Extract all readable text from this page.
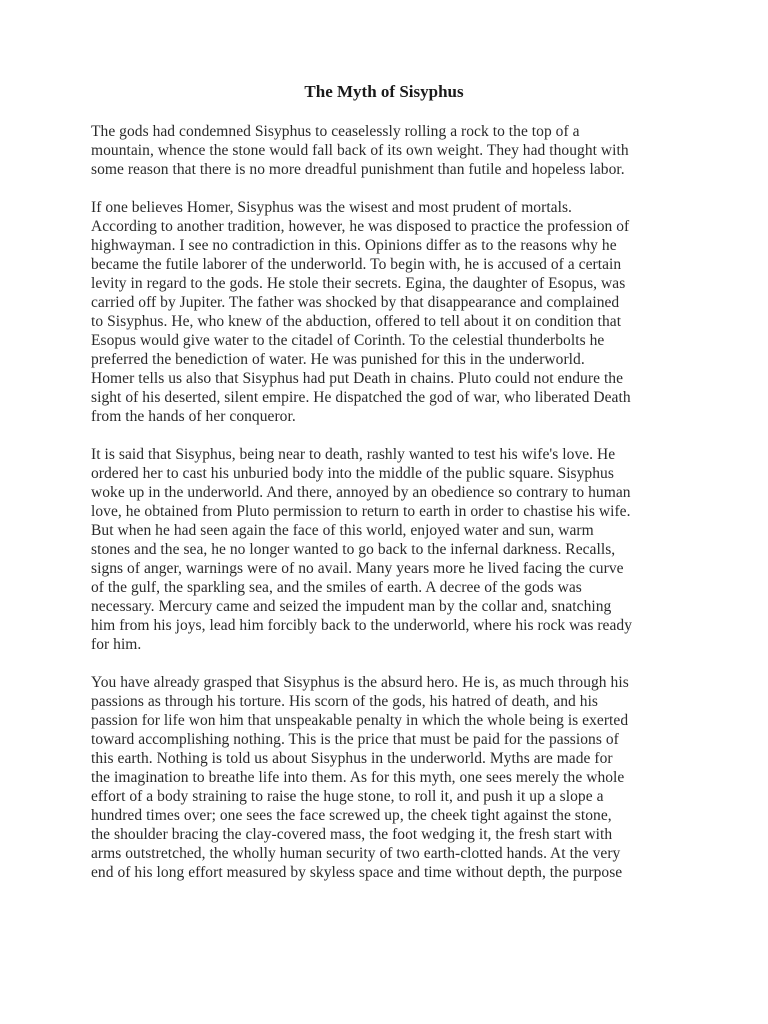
The Myth of Sisyphus

The gods had condemned Sisyphus to ceaselessly rolling a rock to the top of a
mountain, whence the stone would fall back of its own weight. They had thought with
some reason that there is no more dreadful punishment than futile and hopeless labor.

If one believes Homer, Sisyphus was the wisest and most prudent of mortals.
According to another tradition, however, he was disposed to practice the profession of
highwayman. I see no contradiction in this. Opinions differ as to the reasons why he
became the futile laborer of the underworld. To begin with, he is accused of a certain
levity in regard to the gods. He stole their secrets. Egina, the daughter of Esopus, was
carried off by Jupiter. The father was shocked by that disappearance and complained
to Sisyphus. He, who knew of the abduction, offered to tell about it on condition that
Esopus would give water to the citadel of Corinth. To the celestial thunderbolts he
preferred the benediction of water. He was punished for this in the underworld.
Homer tells us also that Sisyphus had put Death in chains. Pluto could not endure the
sight of his deserted, silent empire. He dispatched the god of war, who liberated Death
from the hands of her conqueror.

It is said that Sisyphus, being near to death, rashly wanted to test his wife's love. He
ordered her to cast his unburied body into the middle of the public square. Sisyphus
woke up in the underworld. And there, annoyed by an obedience so contrary to human
love, he obtained from Pluto permission to return to earth in order to chastise his wife.
But when he had seen again the face of this world, enjoyed water and sun, warm
stones and the sea, he no longer wanted to go back to the infernal darkness. Recalls,
signs of anger, warnings were of no avail. Many years more he lived facing the curve
of the gulf, the sparkling sea, and the smiles of earth. A decree of the gods was
necessary. Mercury came and seized the impudent man by the collar and, snatching
him from his joys, lead him forcibly back to the underworld, where his rock was ready
for him.

You have already grasped that Sisyphus is the absurd hero. He is, as much through his
passions as through his torture. His scorn of the gods, his hatred of death, and his
passion for life won him that unspeakable penalty in which the whole being is exerted
toward accomplishing nothing. This is the price that must be paid for the passions of
this earth. Nothing is told us about Sisyphus in the underworld. Myths are made for
the imagination to breathe life into them. As for this myth, one sees merely the whole
effort of a body straining to raise the huge stone, to roll it, and push it up a slope a
hundred times over; one sees the face screwed up, the cheek tight against the stone,
the shoulder bracing the clay-covered mass, the foot wedging it, the fresh start with
arms outstretched, the wholly human security of two earth-clotted hands. At the very
end of his long effort measured by skyless space and time without depth, the purpose
